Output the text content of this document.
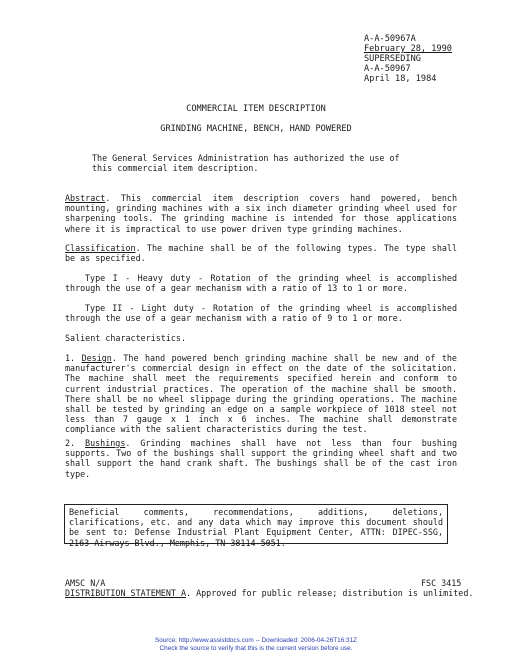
A-A-50967A
February 28, 1990
SUPERSEDING
A-A-50967
April 18, 1984
COMMERCIAL ITEM DESCRIPTION
GRINDING MACHINE, BENCH, HAND POWERED
The General Services Administration has authorized the use of this commercial item description.
Abstract. This commercial item description covers hand powered, bench mounting, grinding machines with a six inch diameter grinding wheel used for sharpening tools. The grinding machine is intended for those applications where it is impractical to use power driven type grinding machines.
Classification. The machine shall be of the following types. The type shall be as specified.
Type I - Heavy duty - Rotation of the grinding wheel is accomplished through the use of a gear mechanism with a ratio of 13 to 1 or more.
Type II - Light duty - Rotation of the grinding wheel is accomplished through the use of a gear mechanism with a ratio of 9 to 1 or more.
Salient characteristics.
1. Design. The hand powered bench grinding machine shall be new and of the manufacturer's commercial design in effect on the date of the solicitation. The machine shall meet the requirements specified herein and conform to current industrial practices. The operation of the machine shall be smooth. There shall be no wheel slippage during the grinding operations. The machine shall be tested by grinding an edge on a sample workpiece of 1018 steel not less than 7 gauge x 1 inch x 6 inches. The machine shall demonstrate compliance with the salient characteristics during the test.
2. Bushings. Grinding machines shall have not less than four bushing supports. Two of the bushings shall support the grinding wheel shaft and two shall support the hand crank shaft. The bushings shall be of the cast iron type.
Beneficial comments, recommendations, additions, deletions, clarifications, etc. and any data which may improve this document should be sent to: Defense Industrial Plant Equipment Center, ATTN: DIPEC-SSG, 2163 Airways Blvd., Memphis, TN 38114-5051.
AMSC N/A
DISTRIBUTION STATEMENT A. Approved for public release; distribution is unlimited.
FSC 3415
Source: http://www.assistdocs.com -- Downloaded: 2006-04-26T16:31Z
Check the source to verify that this is the current version before use.
